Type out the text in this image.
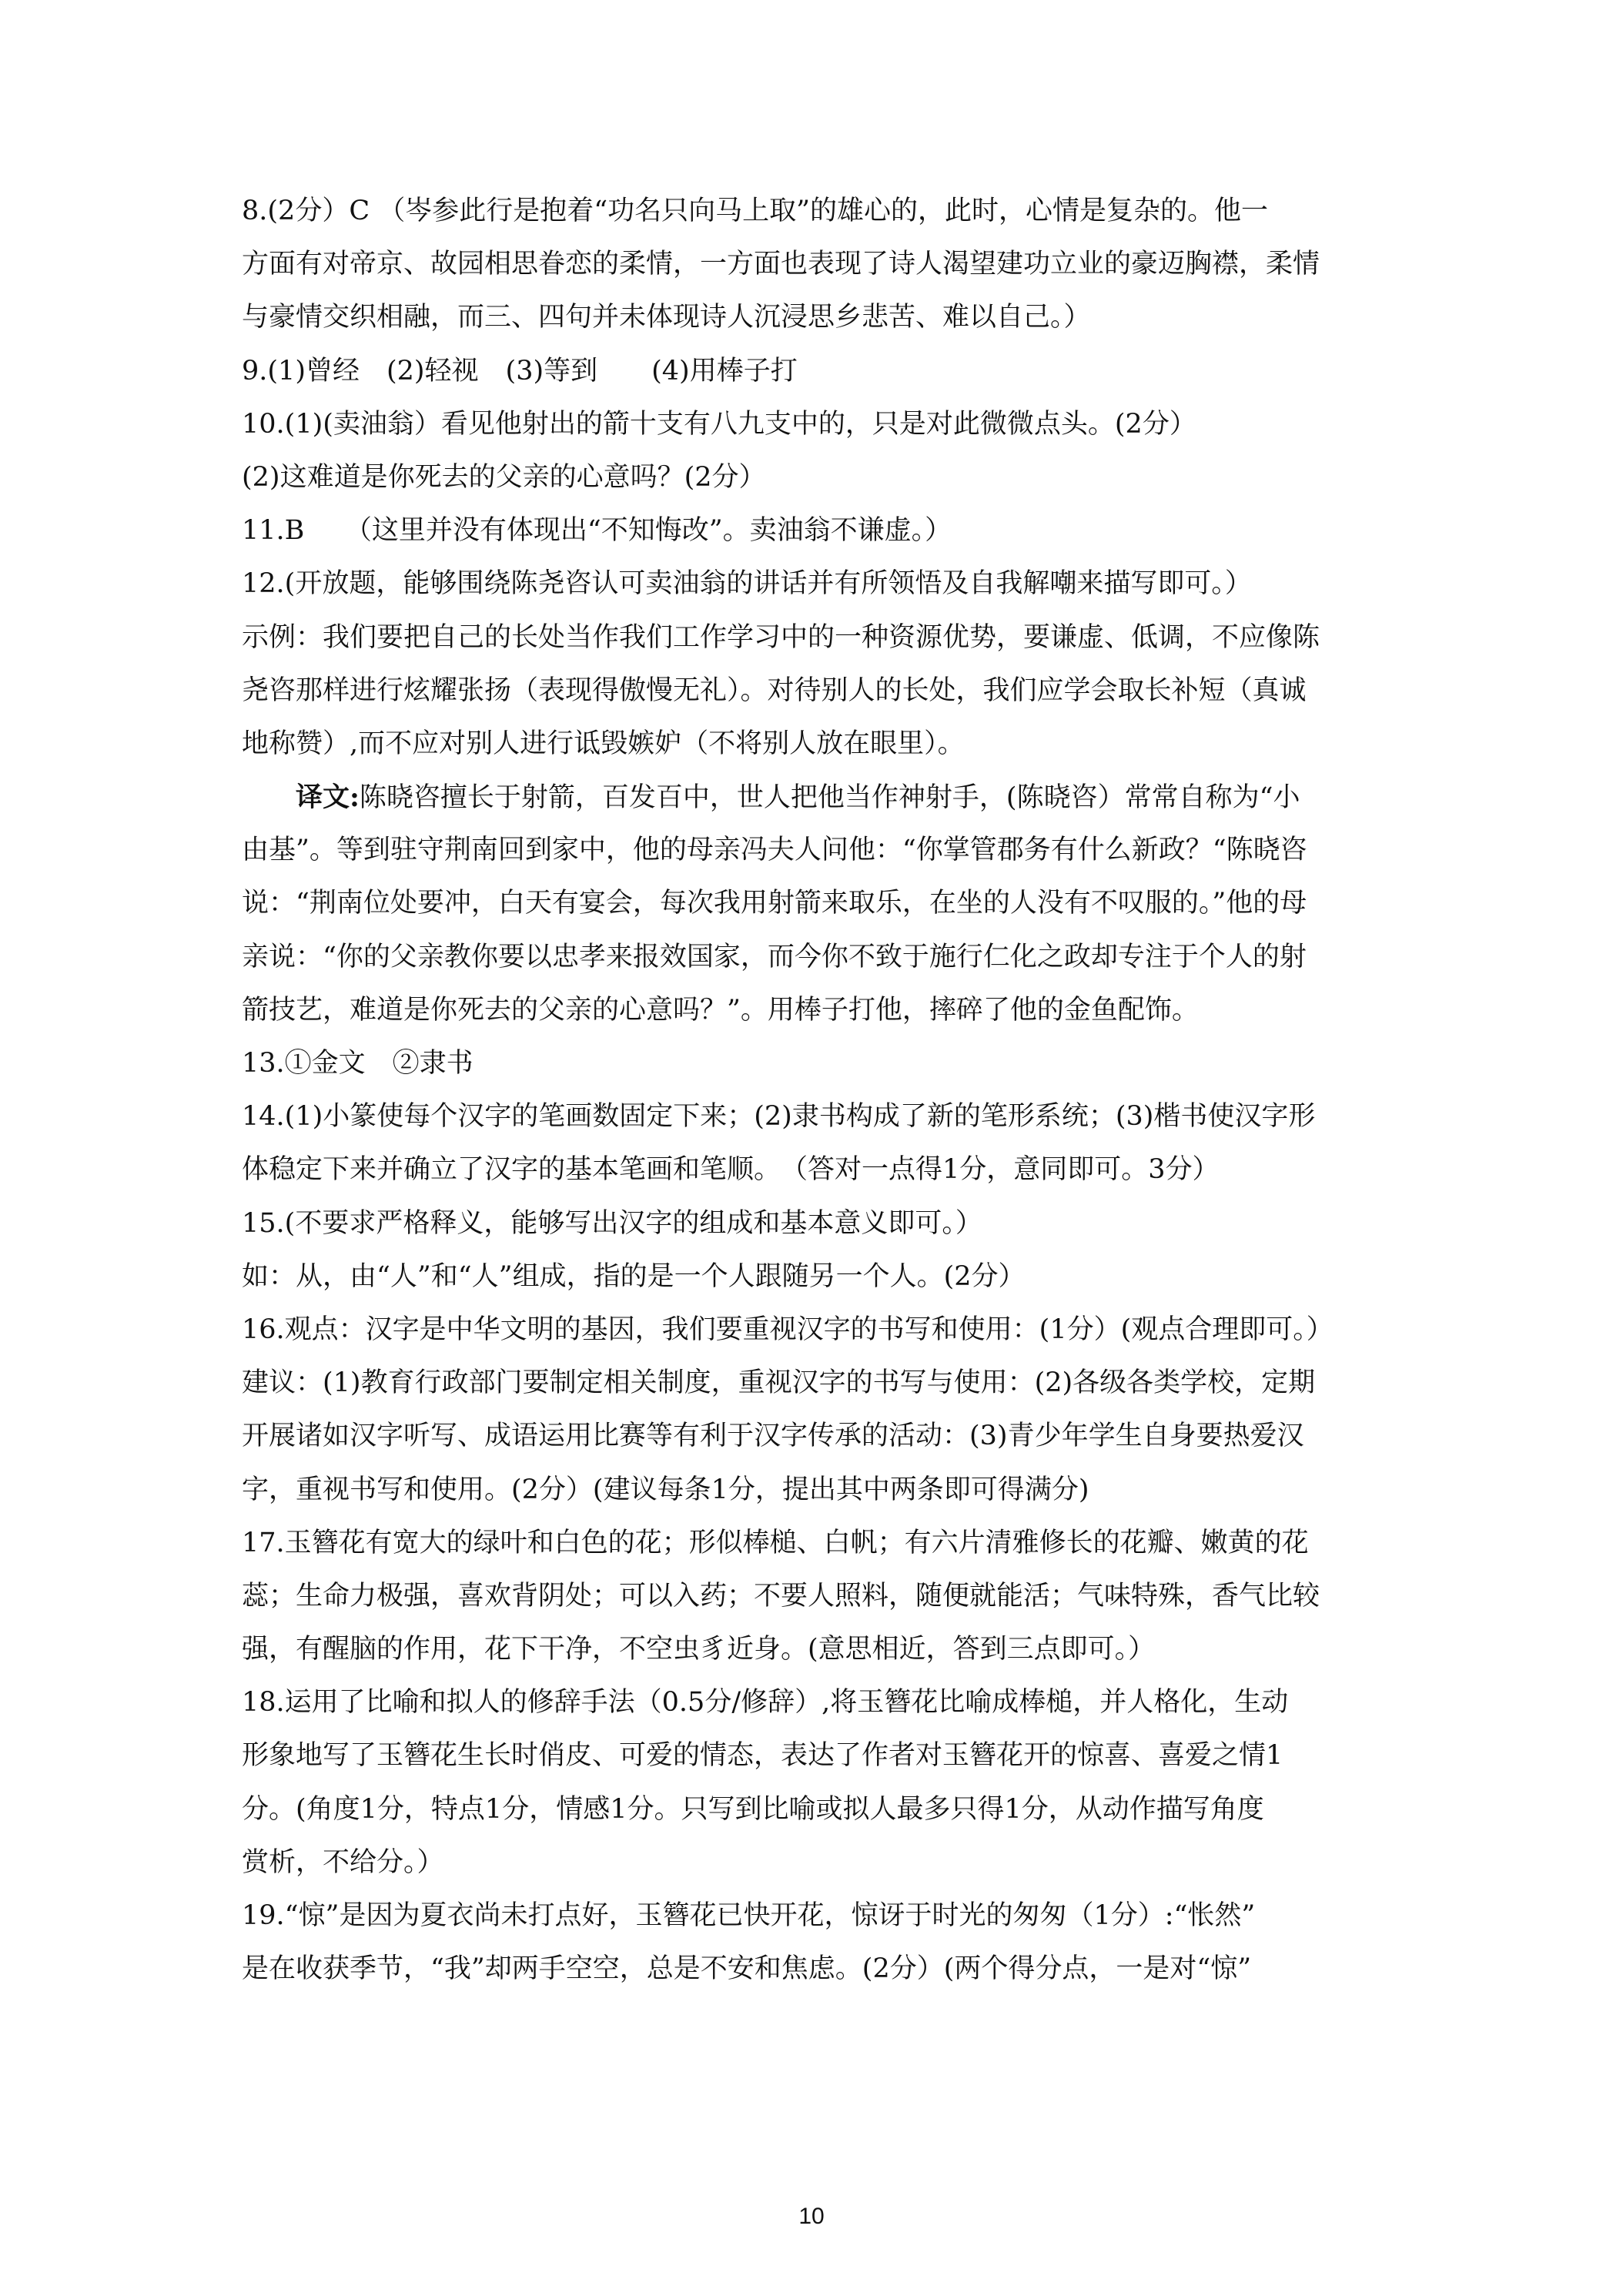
8.(2分）C （岑参此行是抱着“功名只向马上取”的雄心的，此时，心情是复杂的。他一
方面有对帝京、故园相思眷恋的柔情，一方面也表现了诗人渴望建功立业的豪迈胸襟，柔情
与豪情交织相融，而三、四句并未体现诗人沉浸思乡悲苦、难以自己。）
9.(1)曾经　(2)轻视　(3)等到　　(4)用棒子打
10.(1)(卖油翁）看见他射出的箭十支有八九支中的，只是对此微微点头。(2分）
(2)这难道是你死去的父亲的心意吗？(2分）
11.B　　（这里并没有体现出“不知悔改”。卖油翁不谦虚。）
12.(开放题，能够围绕陈尧咨认可卖油翁的讲话并有所领悟及自我解嘲来描写即可。）
示例：我们要把自己的长处当作我们工作学习中的一种资源优势，要谦虚、低调，不应像陈
尧咨那样进行炫耀张扬（表现得傲慢无礼）。对待别人的长处，我们应学会取长补短（真诚
地称赞）,而不应对别人进行诋毁嫉妒（不将别人放在眼里）。
译文:陈晓咨擅长于射箭，百发百中，世人把他当作神射手，(陈晓咨）常常自称为“小
由基”。等到驻守荆南回到家中，他的母亲冯夫人问他：“你掌管郡务有什么新政？“陈晓咨
说：“荆南位处要冲，白天有宴会，每次我用射箭来取乐，在坐的人没有不叹服的。”他的母
亲说：“你的父亲教你要以忠孝来报效国家，而今你不致于施行仁化之政却专注于个人的射
箭技艺，难道是你死去的父亲的心意吗？”。用棒子打他，摔碎了他的金鱼配饰。
13.①金文　②隶书
14.(1)小篆使每个汉字的笔画数固定下来；(2)隶书构成了新的笔形系统；(3)楷书使汉字形
体稳定下来并确立了汉字的基本笔画和笔顺。　（答对一点得1分，意同即可。3分）
15.(不要求严格释义，能够写出汉字的组成和基本意义即可。）
如：从，由“人”和“人”组成，指的是一个人跟随另一个人。(2分）
16.观点：汉字是中华文明的基因，我们要重视汉字的书写和使用：(1分）(观点合理即可。）
建议：(1)教育行政部门要制定相关制度，重视汉字的书写与使用：(2)各级各类学校，定期
开展诸如汉字听写、成语运用比赛等有利于汉字传承的活动：(3)青少年学生自身要热爱汉
字，重视书写和使用。(2分）(建议每条1分，提出其中两条即可得满分)
17.玉簪花有宽大的绿叶和白色的花；形似棒槌、白帆；有六片清雅修长的花瓣、嫩黄的花
蕊；生命力极强，喜欢背阴处；可以入药；不要人照料，随便就能活；气味特殊，香气比较
强，有醒脑的作用，花下干净，不空虫豸近身。(意思相近，答到三点即可。）
18.运用了比喻和拟人的修辞手法（0.5分/修辞）,将玉簪花比喻成棒槌，并人格化，生动
形象地写了玉簪花生长时俏皮、可爱的情态，表达了作者对玉簪花开的惊喜、喜爱之情1
分。(角度1分，特点1分，情感1分。只写到比喻或拟人最多只得1分，从动作描写角度
赏析，不给分。）
19.“惊”是因为夏衣尚未打点好，玉簪花已快开花，惊讶于时光的匆匆（1分）:“怅然”
是在收获季节，“我”却两手空空，总是不安和焦虑。(2分）(两个得分点，一是对“惊”
10
